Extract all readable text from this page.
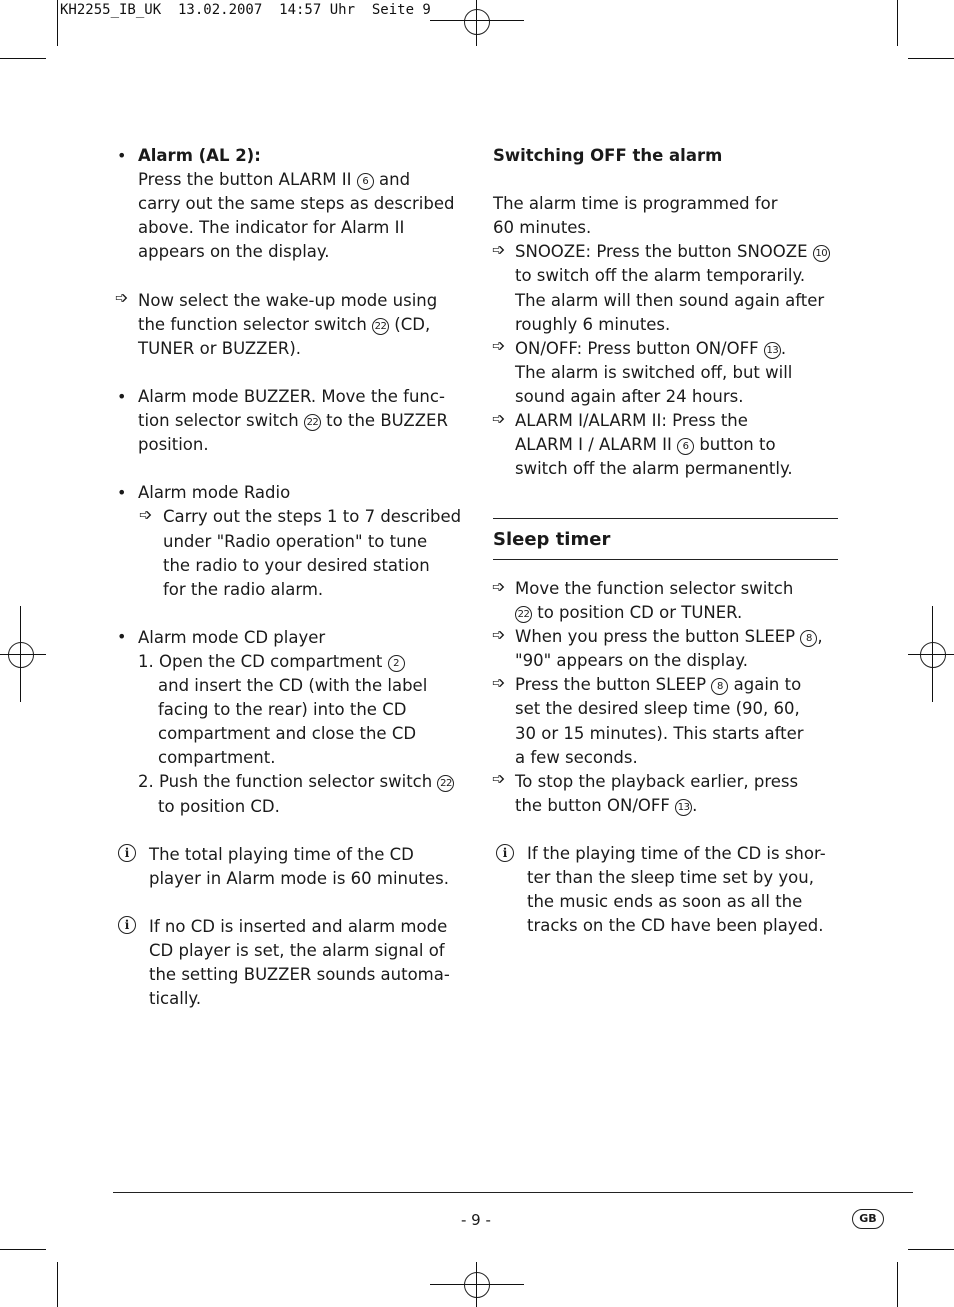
KH2255_IB_UK  13.02.2007  14:57 Uhr  Seite 9
Alarm (AL 2):
Press the button ALARM II 6 and
carry out the same steps as described
above. The indicator for Alarm II
appears on the display.
Now select the wake-up mode using
the function selector switch 22 (CD,
TUNER or BUZZER).
Alarm mode BUZZER. Move the func-
tion selector switch 22 to the BUZZER
position.
Alarm mode Radio
Carry out the steps 1 to 7 described
under "Radio operation" to tune
the radio to your desired station
for the radio alarm.
Alarm mode CD player
1. Open the CD compartment 2
and insert the CD (with the label
facing to the rear) into the CD
compartment and close the CD
compartment.
2. Push the function selector switch 22
to position CD.
The total playing time of the CD
player in Alarm mode is 60 minutes.
If no CD is inserted and alarm mode
CD player is set, the alarm signal of
the setting BUZZER sounds automa-
tically.
•
•
•
•
➩
➩
i
i
Switching OFF the alarm
The alarm time is programmed for
60 minutes.
SNOOZE: Press the button SNOOZE 10
to switch off the alarm temporarily.
The alarm will then sound again after
roughly 6 minutes.
ON/OFF: Press button ON/OFF 13 .
The alarm is switched off, but will
sound again after 24 hours.
ALARM I/ALARM II: Press the
ALARM I / ALARM II 6 button to
switch off the alarm permanently.
Sleep timer
Move the function selector switch
22 to position CD or TUNER.
When you press the button SLEEP 8 ,
"90" appears on the display.
Press the button SLEEP 8 again to
set the desired sleep time (90, 60,
30 or 15 minutes). This starts after
a few seconds.
To stop the playback earlier, press
the button ON/OFF 13 .
If the playing time of the CD is shor-
ter than the sleep time set by you,
the music ends as soon as all the
tracks on the CD have been played.
➩
➩
➩
➩
➩
➩
➩
i
- 9 -	GB
